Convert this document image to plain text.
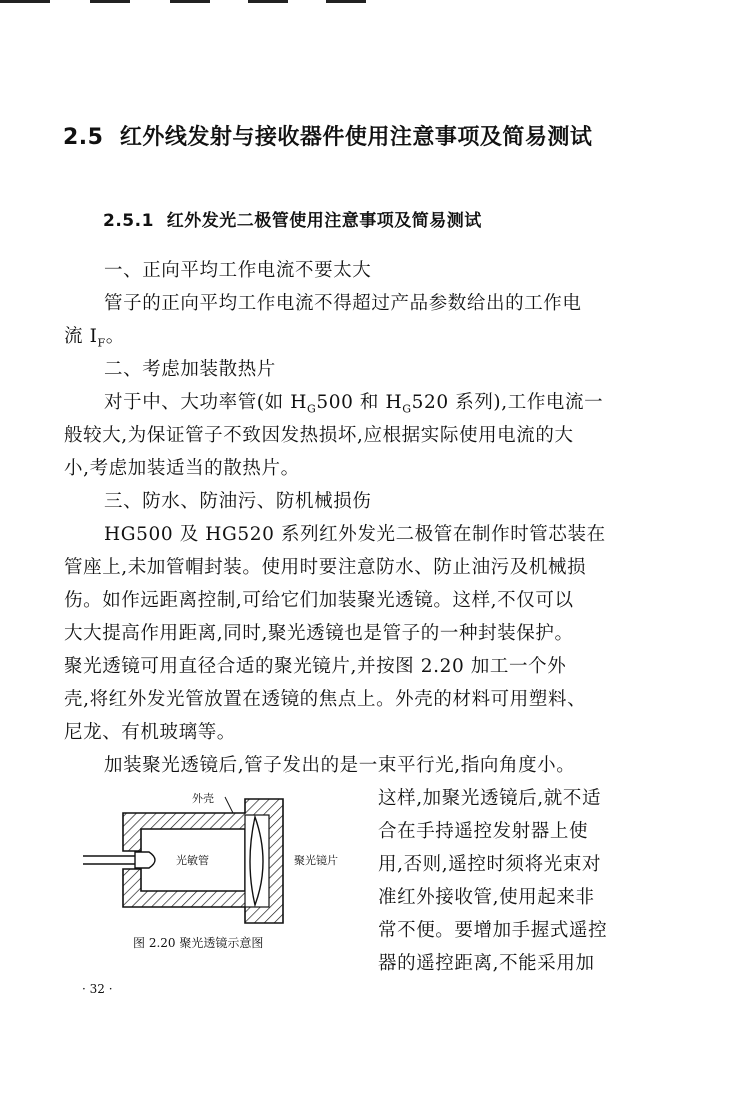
2.5 红外线发射与接收器件使用注意事项及简易测试
2.5.1 红外发光二极管使用注意事项及简易测试
一、正向平均工作电流不要太大
管子的正向平均工作电流不得超过产品参数给出的工作电
流 $I_F$。
二、考虑加装散热片
对于中、大功率管(如 $H_G500$ 和 $H_G520$ 系列),工作电流一
般较大,为保证管子不致因发热损坏,应根据实际使用电流的大
小,考虑加装适当的散热片。
三、防水、防油污、防机械损伤
HG500 及 HG520 系列红外发光二极管在制作时管芯装在
管座上,未加管帽封装。使用时要注意防水、防止油污及机械损
伤。如作远距离控制,可给它们加装聚光透镜。这样,不仅可以
大大提高作用距离,同时,聚光透镜也是管子的一种封装保护。
聚光透镜可用直径合适的聚光镜片,并按图 2.20 加工一个外
壳,将红外发光管放置在透镜的焦点上。外壳的材料可用塑料、
尼龙、有机玻璃等。
加装聚光透镜后,管子发出的是一束平行光,指向角度小。
这样,加聚光透镜后,就不适
合在手持遥控发射器上使
用,否则,遥控时须将光束对
准红外接收管,使用起来非
常不便。要增加手握式遥控
器的遥控距离,不能采用加
外壳
光敏管	聚光镜片
图 2.20 聚光透镜示意图
· 32 ·
